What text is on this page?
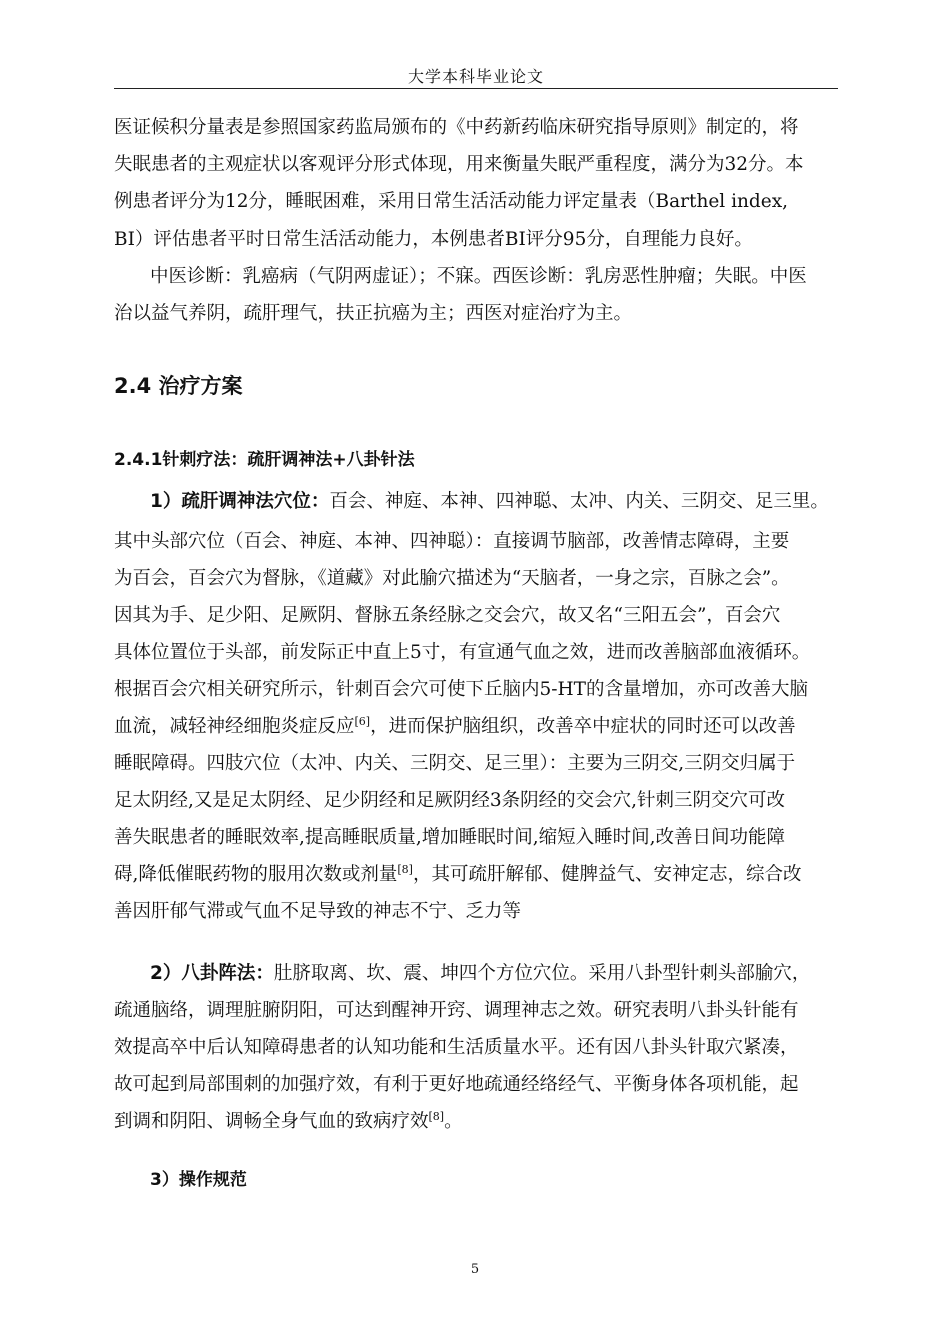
大学本科毕业论文
医证候积分量表是参照国家药监局颁布的《中药新药临床研究指导原则》制定的，将
失眠患者的主观症状以客观评分形式体现，用来衡量失眠严重程度，满分为32分。本
例患者评分为12分，睡眠困难，采用日常生活活动能力评定量表（Barthel index,
BI）评估患者平时日常生活活动能力，本例患者BI评分95分，自理能力良好。
中医诊断：乳癌病（气阴两虚证）；不寐。西医诊断：乳房恶性肿瘤；失眠。中医
治以益气养阴，疏肝理气，扶正抗癌为主；西医对症治疗为主。
2.4 治疗方案
2.4.1针刺疗法：疏肝调神法+八卦针法
1）疏肝调神法穴位：百会、神庭、本神、四神聪、太冲、内关、三阴交、足三里。
其中头部穴位（百会、神庭、本神、四神聪）：直接调节脑部，改善情志障碍，主要
为百会，百会穴为督脉，《道藏》对此腧穴描述为“天脑者，一身之宗，百脉之会”。
因其为手、足少阳、足厥阴、督脉五条经脉之交会穴，故又名“三阳五会”，百会穴
具体位置位于头部，前发际正中直上5寸，有宣通气血之效，进而改善脑部血液循环。
根据百会穴相关研究所示，针刺百会穴可使下丘脑内5-HT的含量增加，亦可改善大脑
血流，减轻神经细胞炎症反应[6]，进而保护脑组织，改善卒中症状的同时还可以改善
睡眠障碍。四肢穴位（太冲、内关、三阴交、足三里）：主要为三阴交,三阴交归属于
足太阴经,又是足太阴经、足少阴经和足厥阴经3条阴经的交会穴,针刺三阴交穴可改
善失眠患者的睡眠效率,提高睡眠质量,增加睡眠时间,缩短入睡时间,改善日间功能障
碍,降低催眠药物的服用次数或剂量[8]，其可疏肝解郁、健脾益气、安神定志，综合改
善因肝郁气滞或气血不足导致的神志不宁、乏力等
2）八卦阵法：肚脐取离、坎、震、坤四个方位穴位。采用八卦型针刺头部腧穴，
疏通脑络，调理脏腑阴阳，可达到醒神开窍、调理神志之效。研究表明八卦头针能有
效提高卒中后认知障碍患者的认知功能和生活质量水平。还有因八卦头针取穴紧凑，
故可起到局部围刺的加强疗效，有利于更好地疏通经络经气、平衡身体各项机能，起
到调和阴阳、调畅全身气血的致病疗效[8]。
3）操作规范
5
